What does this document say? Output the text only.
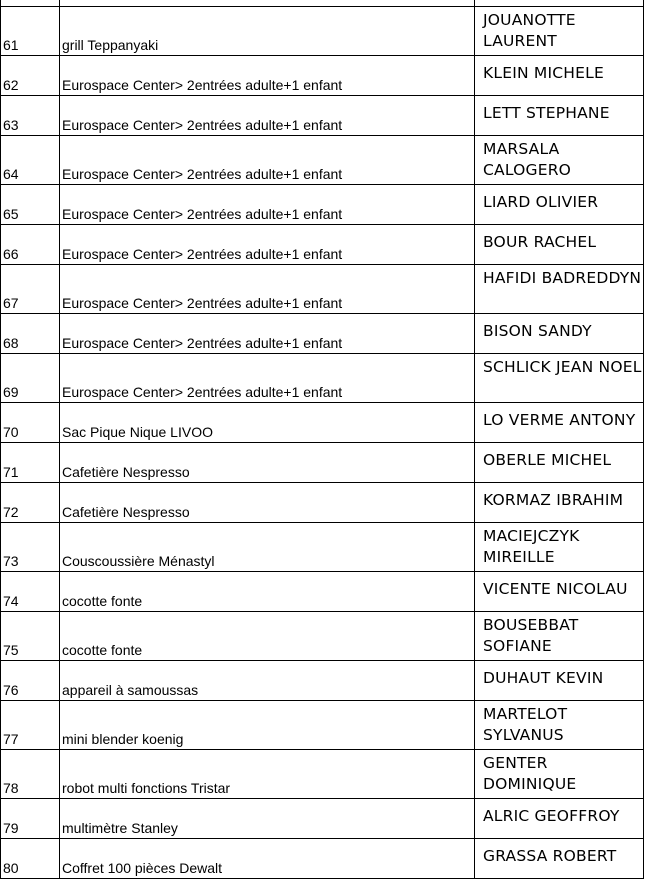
61	grill Teppanyaki	JOUANOTTE LAURENT
62	Eurospace Center> 2entrées adulte+1 enfant	KLEIN MICHELE
63	Eurospace Center> 2entrées adulte+1 enfant	LETT STEPHANE
64	Eurospace Center> 2entrées adulte+1 enfant	MARSALA CALOGERO
65	Eurospace Center> 2entrées adulte+1 enfant	LIARD OLIVIER
66	Eurospace Center> 2entrées adulte+1 enfant	BOUR RACHEL
67	Eurospace Center> 2entrées adulte+1 enfant	HAFIDI BADREDDYN
68	Eurospace Center> 2entrées adulte+1 enfant	BISON SANDY
69	Eurospace Center> 2entrées adulte+1 enfant	SCHLICK JEAN NOEL
70	Sac Pique Nique LIVOO	LO VERME ANTONY
71	Cafetière Nespresso	OBERLE MICHEL
72	Cafetière Nespresso	KORMAZ IBRAHIM
73	Couscoussière Ménastyl	MACIEJCZYK MIREILLE
74	cocotte fonte	VICENTE NICOLAU
75	cocotte fonte	BOUSEBBAT SOFIANE
76	appareil à samoussas	DUHAUT KEVIN
77	mini blender koenig	MARTELOT SYLVANUS
78	robot multi fonctions Tristar	GENTER DOMINIQUE
79	multimètre Stanley	ALRIC GEOFFROY
80	Coffret 100 pièces Dewalt	GRASSA ROBERT
